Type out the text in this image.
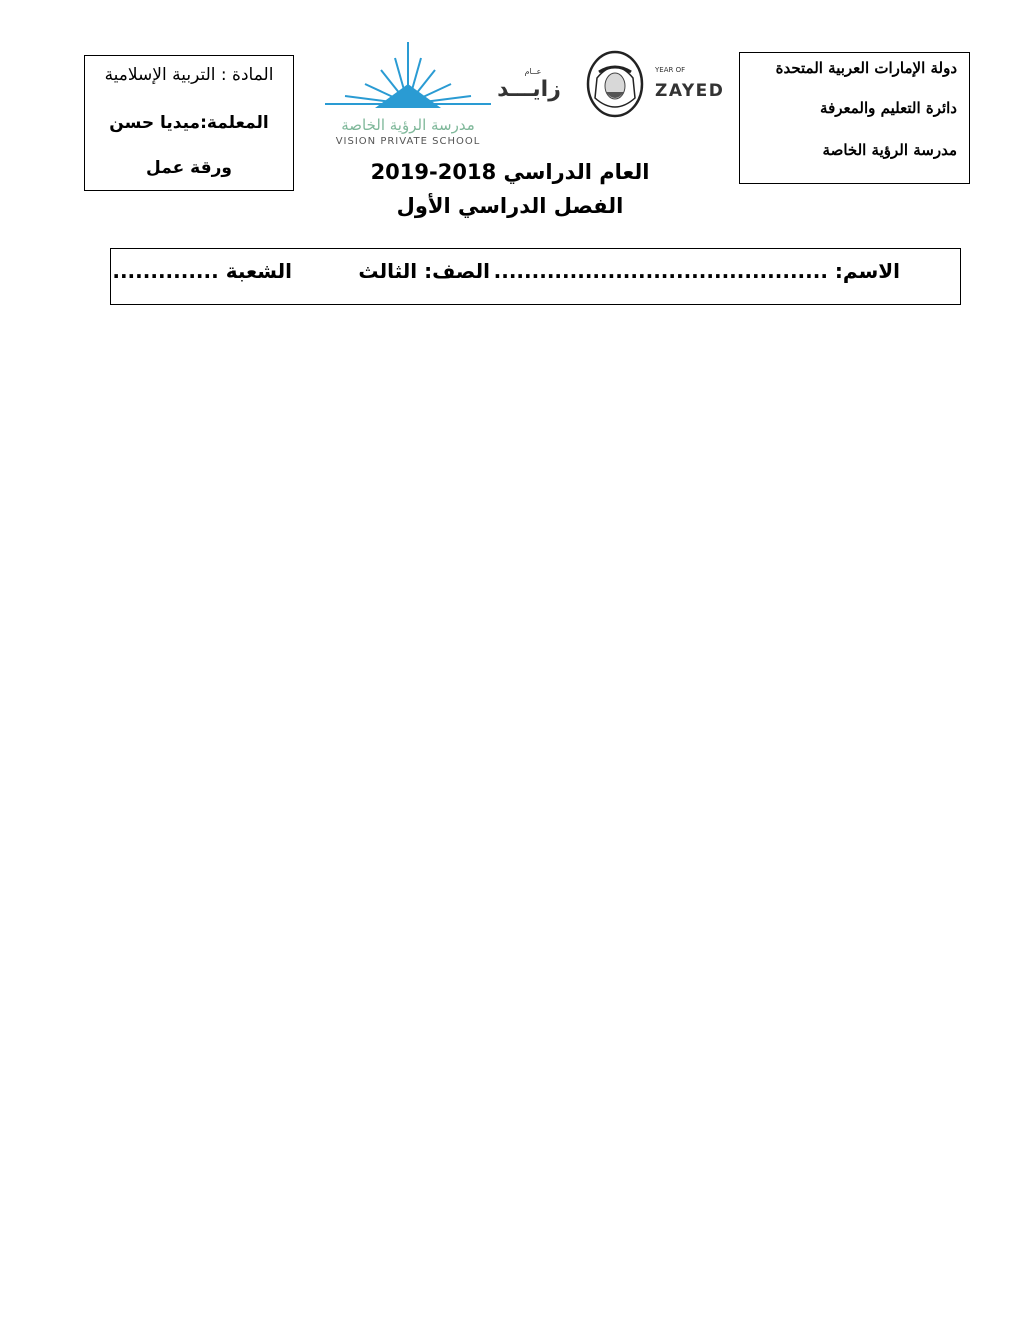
دولة الإمارات العربية المتحدة
دائرة التعليم والمعرفة
مدرسة الرؤية الخاصة
المادة : التربية الإسلامية
المعلمة:ميديا حسن
ورقة عمل
مدرسة الرؤية الخاصة
VISION PRIVATE SCHOOL
عــام
زايـــد
YEAR OF
ZAYED
العام الدراسي 2018-2019
الفصل الدراسي الأول
الاسم: ............................................
الصف: الثالث
الشعبة ..............
